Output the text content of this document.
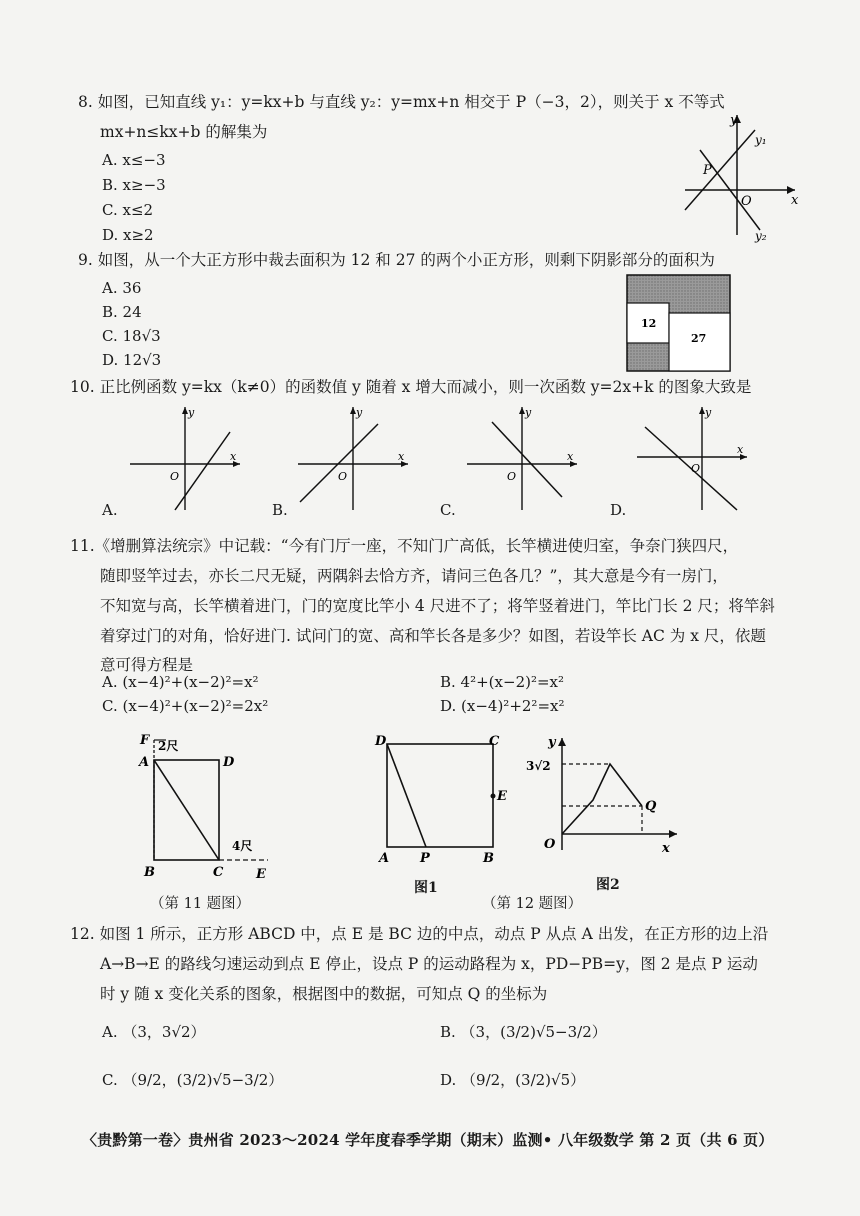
8. 如图，已知直线 y₁：y=kx+b 与直线 y₂：y=mx+n 相交于 P（−3，2），则关于 x 不等式
mx+n≤kx+b 的解集为
A. x≤−3
B. x≥−3
C. x≤2
D. x≥2
y
y₁
y₂
P
O	x
9. 如图，从一个大正方形中裁去面积为 12 和 27 的两个小正方形，则剩下阴影部分的面积为
A. 36
B. 24
C. 18√3
D. 12√3
12
27
10. 正比例函数 y=kx（k≠0）的函数值 y 随着 x 增大而减小，则一次函数 y=2x+k 的图象大致是
y
x
O
A.
y
x
O
B.
y
x
O
C.
y
x
O
D.
11.《增删算法统宗》中记载：“今有门厅一座，不知门广高低，长竿横进使归室，争奈门狭四尺，
随即竖竿过去，亦长二尺无疑，两隅斜去恰方齐，请问三色各几？”，其大意是今有一房门，
不知宽与高，长竿横着进门，门的宽度比竿小 4 尺进不了；将竿竖着进门，竿比门长 2 尺；将竿斜
着穿过门的对角，恰好进门. 试问门的宽、高和竿长各是多少？如图，若设竿长 AC 为 x 尺，依题
意可得方程是
A. (x−4)²+(x−2)²=x²	B. 4²+(x−2)²=x²
C. (x−4)²+(x−2)²=2x²	D. (x−4)²+2²=x²
F 2尺
A	D
4尺
B	C	E
（第 11 题图）
D	C
E
A P	B
图1
y
3√2
Q
O	x
图2
（第 12 题图）
12. 如图 1 所示，正方形 ABCD 中，点 E 是 BC 边的中点，动点 P 从点 A 出发，在正方形的边上沿
A→B→E 的路线匀速运动到点 E 停止，设点 P 的运动路程为 x，PD−PB=y，图 2 是点 P 运动
时 y 随 x 变化关系的图象，根据图中的数据，可知点 Q 的坐标为
A. （3，3√2）	B. （3，(3/2)√5−3/2）
C. （9/2，(3/2)√5−3/2）	D. （9/2，(3/2)√5）
〈贵黔第一卷〉贵州省 2023～2024 学年度春季学期（期末）监测• 八年级数学 第 2 页（共 6 页）
